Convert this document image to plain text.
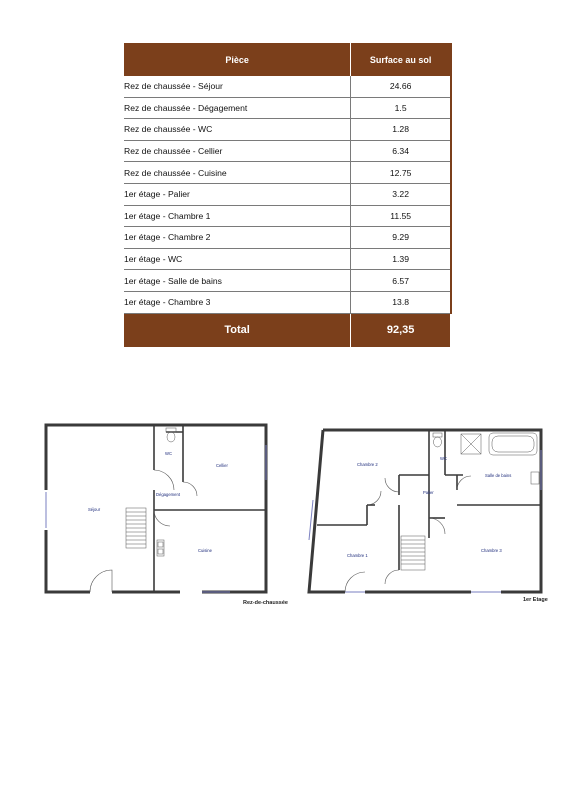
Pièce	Surface au sol
Rez de chaussée - Séjour	24.66
Rez de chaussée - Dégagement	1.5
Rez de chaussée - WC	1.28
Rez de chaussée - Cellier	6.34
Rez de chaussée - Cuisine	12.75
1er étage - Palier	3.22
1er étage - Chambre 1	11.55
1er étage - Chambre 2	9.29
1er étage - WC	1.39
1er étage - Salle de bains	6.57
1er étage - Chambre 3	13.8
Total	92,35
Séjour
WC
Cellier
Dégagement
Cuisine
Rez-de-chaussée
Chambre 2
WC
Salle de bains
Palier
Chambre 1
Chambre 3
1er Etage
